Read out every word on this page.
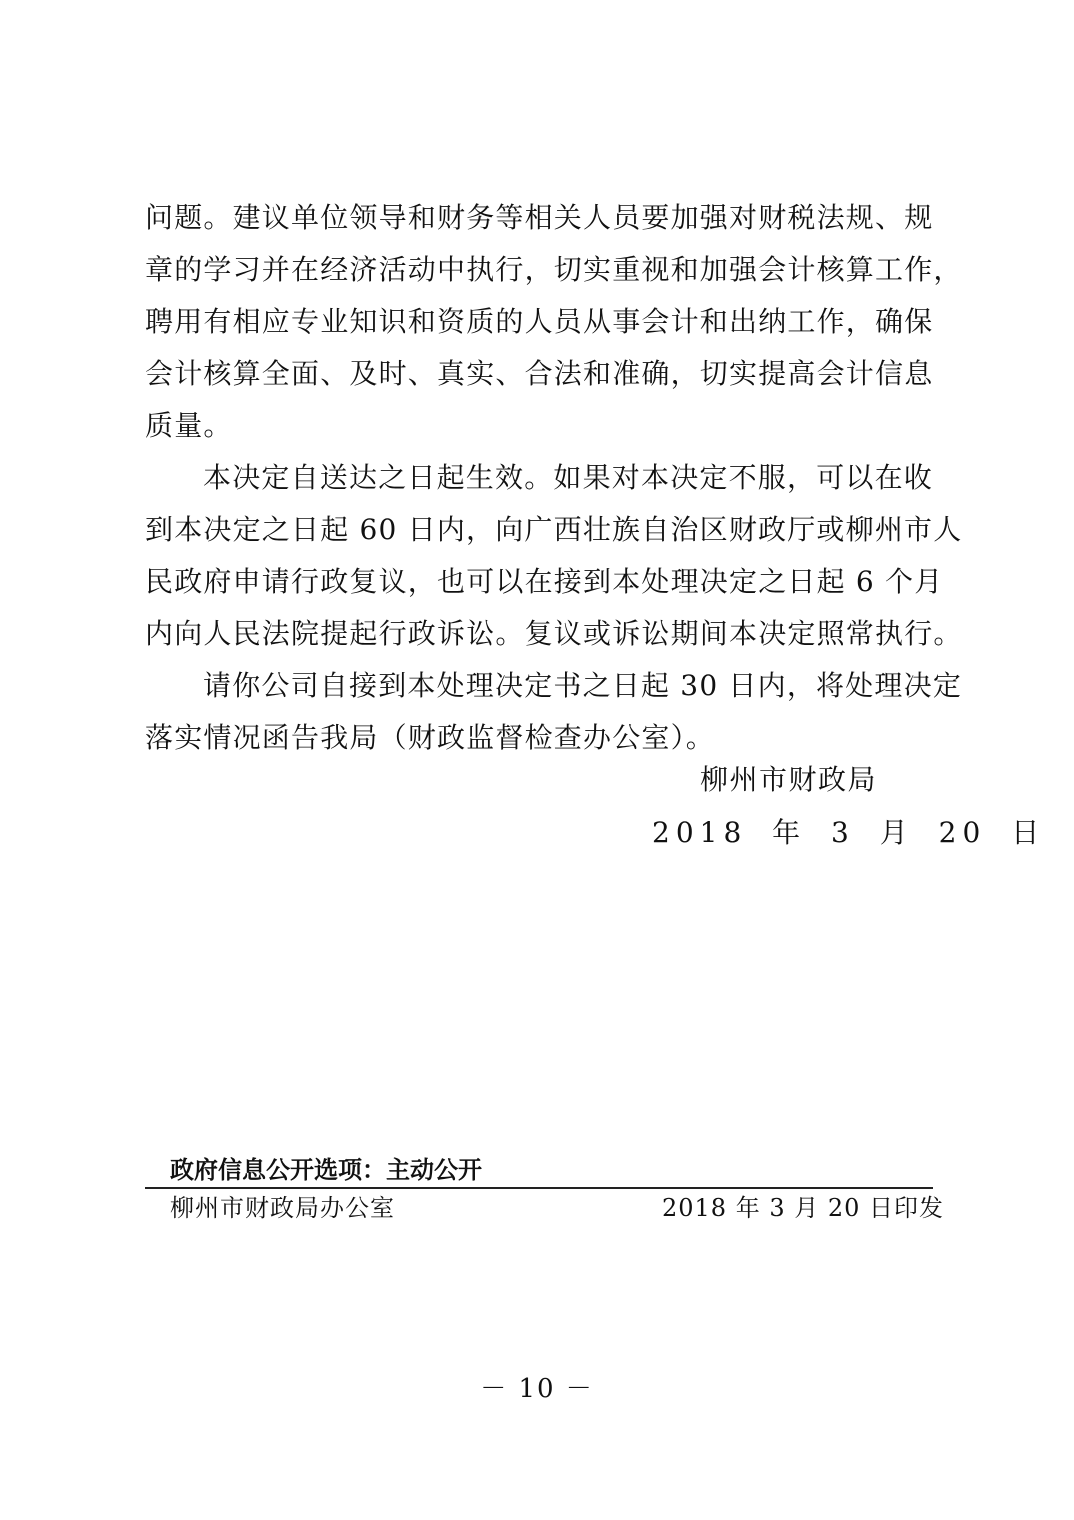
问题。建议单位领导和财务等相关人员要加强对财税法规、规
章的学习并在经济活动中执行，切实重视和加强会计核算工作，
聘用有相应专业知识和资质的人员从事会计和出纳工作，确保
会计核算全面、及时、真实、合法和准确，切实提高会计信息
质量。
本决定自送达之日起生效。如果对本决定不服，可以在收
到本决定之日起 60 日内，向广西壮族自治区财政厅或柳州市人
民政府申请行政复议，也可以在接到本处理决定之日起 6 个月
内向人民法院提起行政诉讼。复议或诉讼期间本决定照常执行。
请你公司自接到本处理决定书之日起 30 日内，将处理决定
落实情况函告我局（财政监督检查办公室）。
柳州市财政局
2018 年 3 月 20 日
政府信息公开选项：主动公开
柳州市财政局办公室	2018 年 3 月 20 日印发
－ 10 －
